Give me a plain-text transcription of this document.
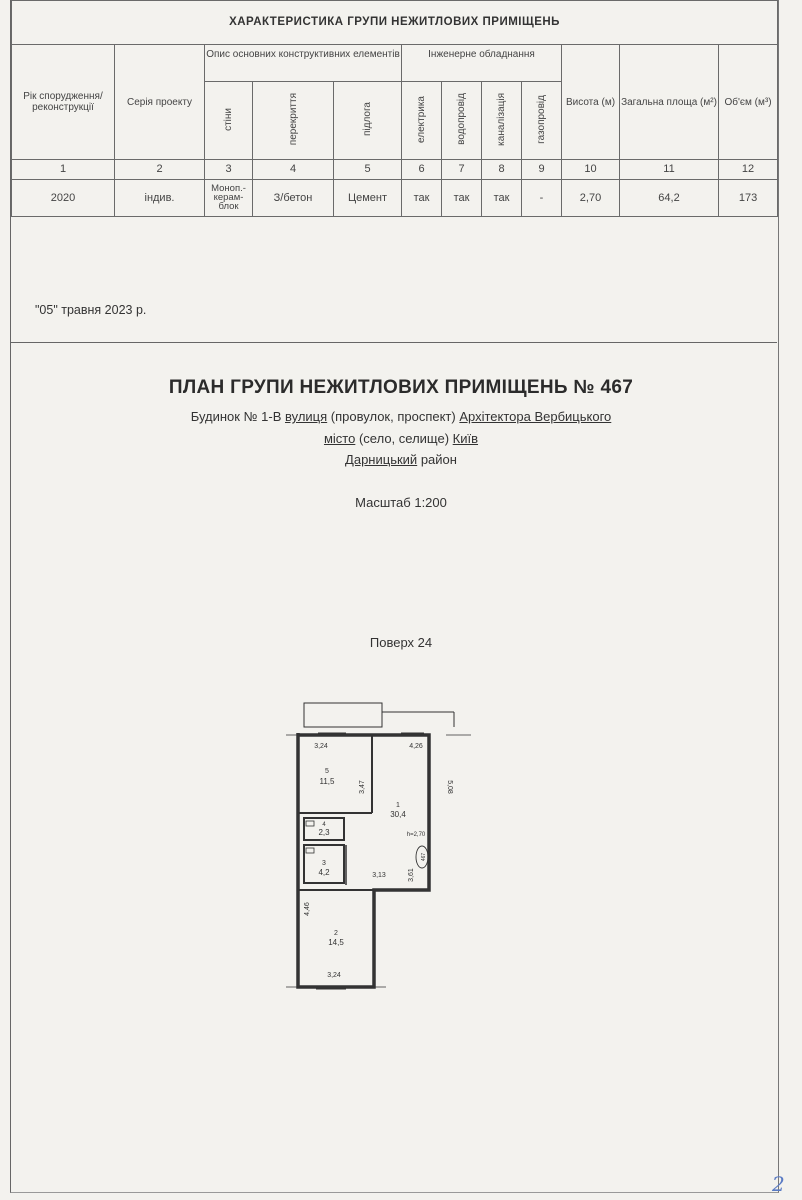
ХАРАКТЕРИСТИКА ГРУПИ НЕЖИТЛОВИХ ПРИМІЩЕНЬ											
Рік спорудження/ реконструкції	Серія проекту	Опис основних конструктивних елементів			Інженерне обладнання				Висота (м)	Загальна площа (м²)	Об'єм (м³)
		стіни	перекриття	підлога	електрика	водопровід	каналізація	газопровід			
1	2	3	4	5	6	7	8	9	10	11	12
2020	індив.	Моноп.- керам- блок	З/бетон	Цемент	так	так	так	-	2,70	64,2	173
"05" травня 2023 р.
ПЛАН ГРУПИ НЕЖИТЛОВИХ ПРИМІЩЕНЬ № 467
Будинок № 1-В вулиця (провулок, проспект) Архітектора Вербицького
місто (село, селище) Київ
Дарницький район
Масштаб 1:200
Поверх 24
3,24	4,26
5,08
3,47
5
11,5
1
30,4
h=2,70
4
2,3
3
4,2	3,13	3,61
467
4,46
2
14,5
3,24
2
